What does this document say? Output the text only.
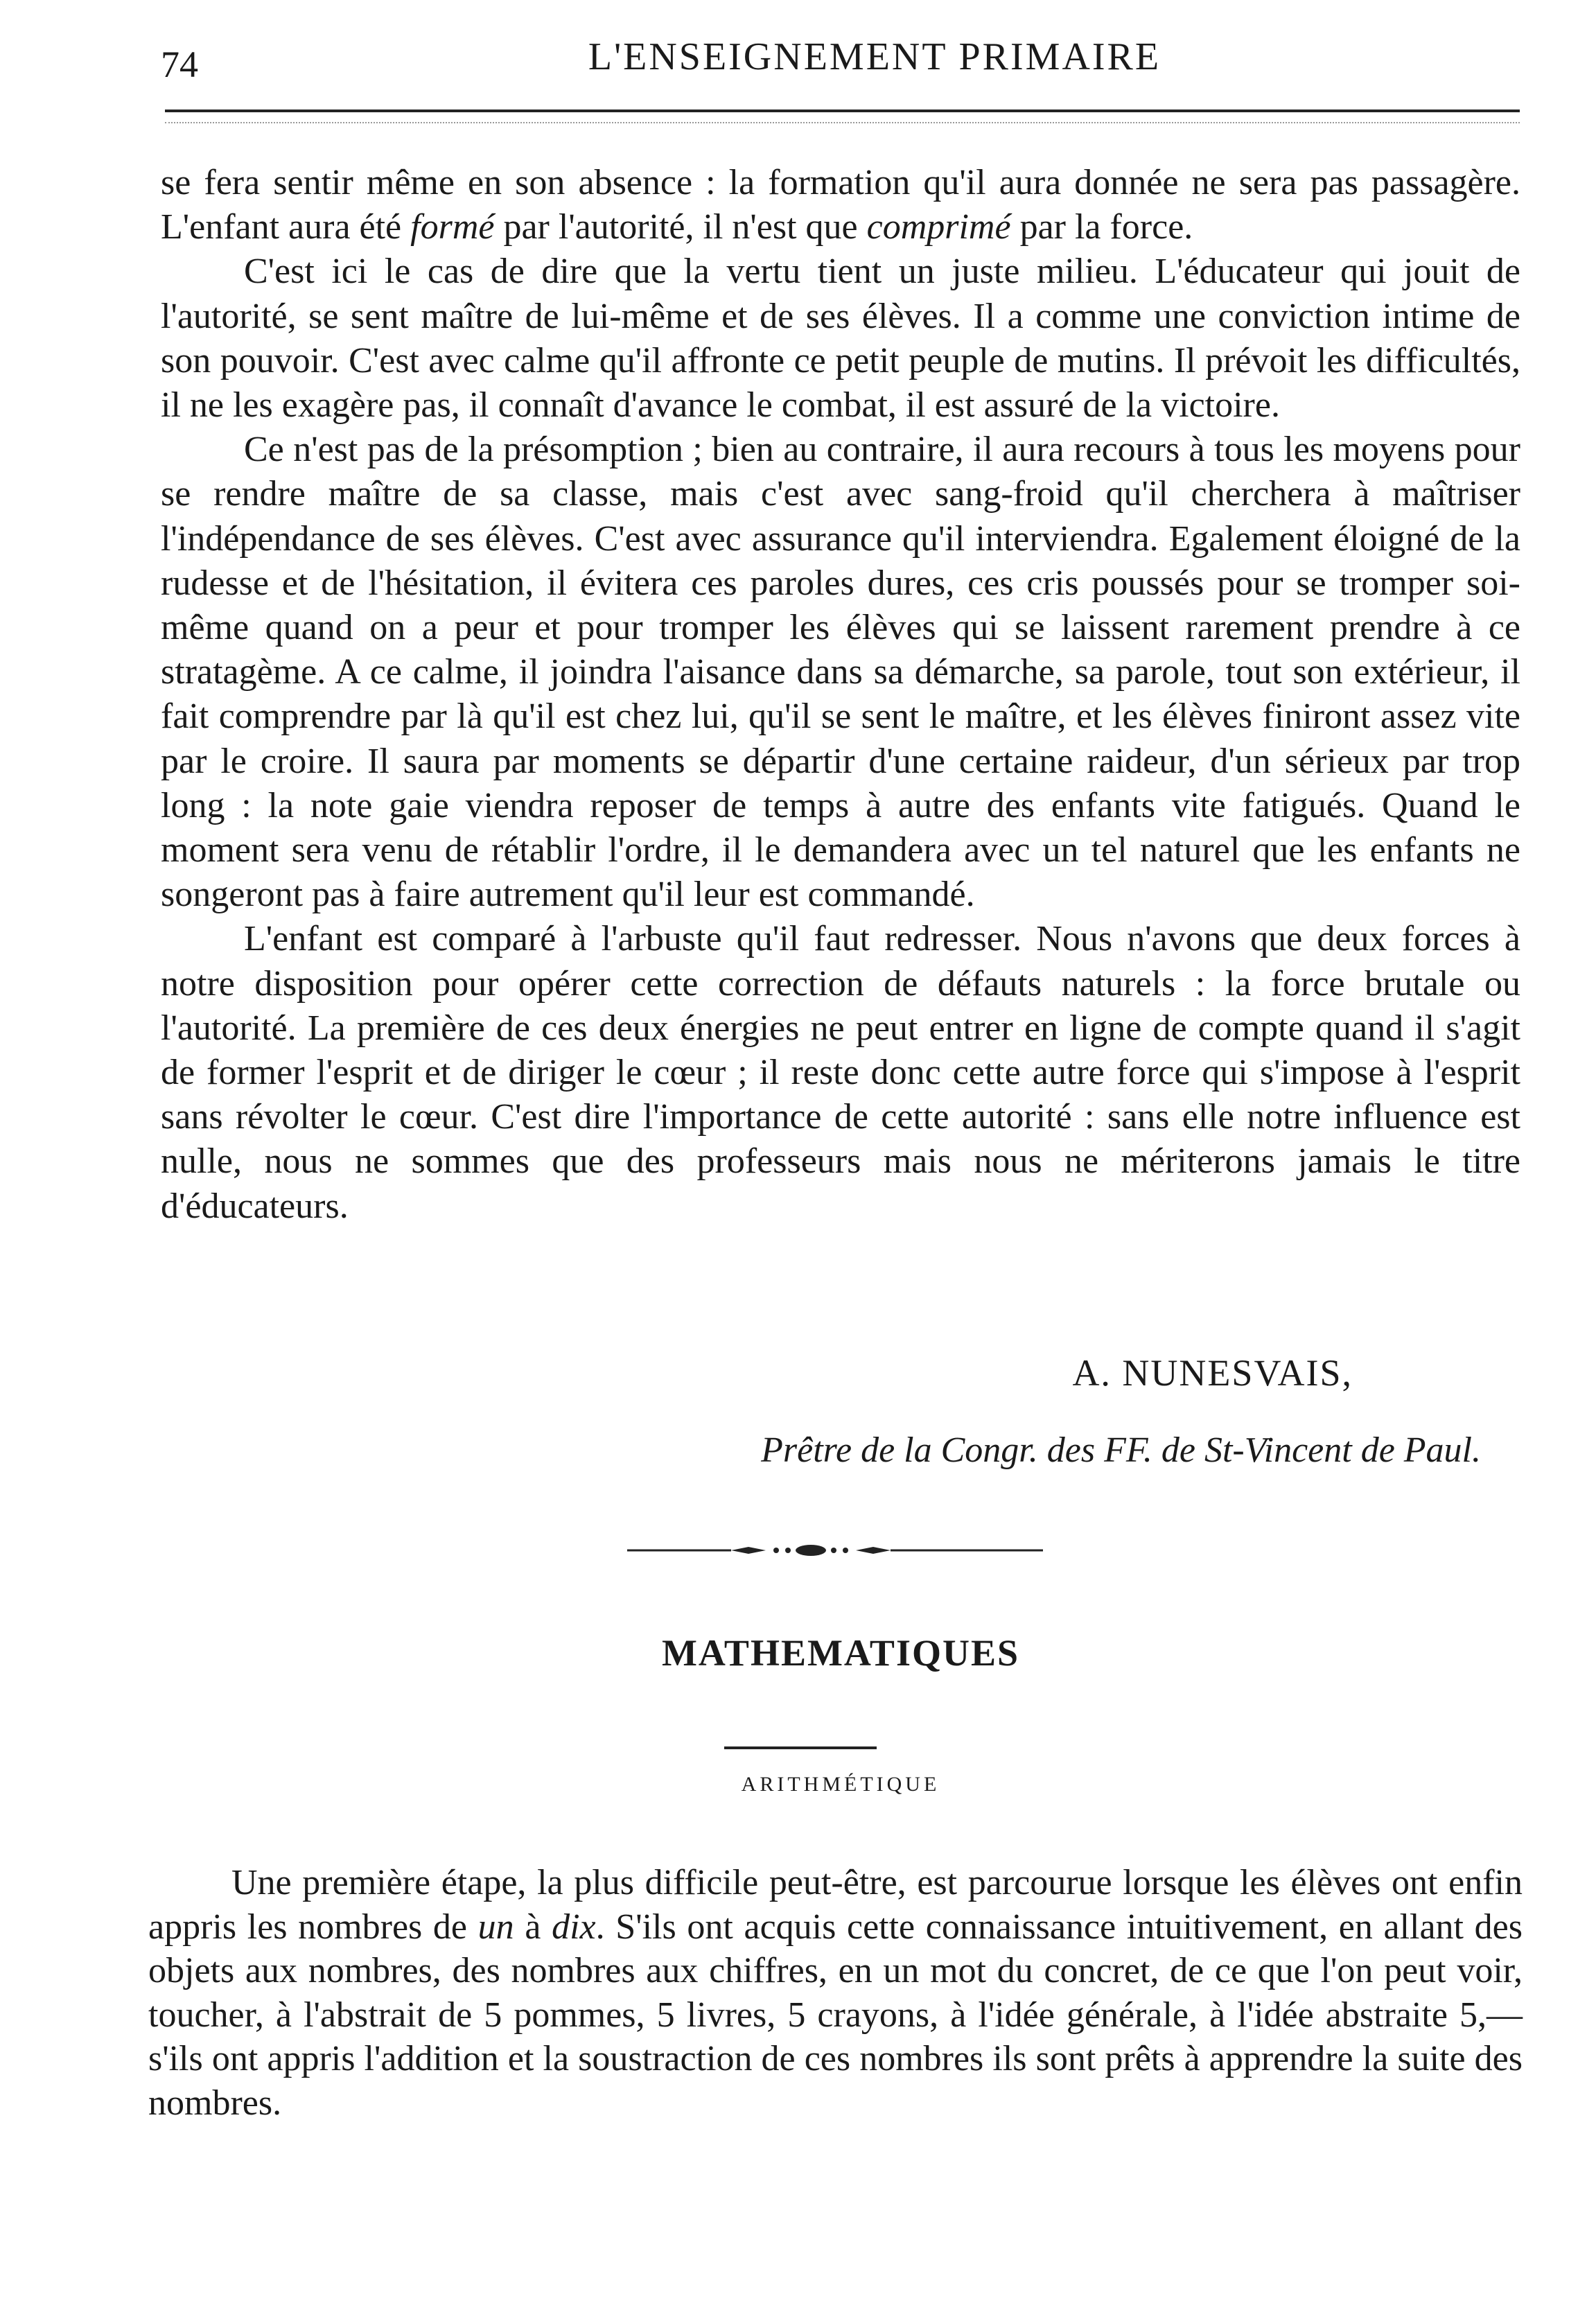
74	L'ENSEIGNEMENT PRIMAIRE

se fera sentir même en son absence : la formation qu'il aura donnée ne sera pas passagère. L'enfant aura été formé par l'autorité, il n'est que comprimé par la force.

C'est ici le cas de dire que la vertu tient un juste milieu. L'éducateur qui jouit de l'autorité, se sent maître de lui-même et de ses élèves. Il a comme une conviction intime de son pouvoir. C'est avec calme qu'il affronte ce petit peuple de mutins. Il prévoit les difficultés, il ne les exagère pas, il connaît d'avance le combat, il est assuré de la victoire.

Ce n'est pas de la présomption ; bien au contraire, il aura recours à tous les moyens pour se rendre maître de sa classe, mais c'est avec sang-froid qu'il cherchera à maîtriser l'indépendance de ses élèves. C'est avec assurance qu'il interviendra. Egalement éloigné de la rudesse et de l'hésitation, il évitera ces paroles dures, ces cris poussés pour se tromper soi-même quand on a peur et pour tromper les élèves qui se laissent rarement prendre à ce stratagème. A ce calme, il joindra l'aisance dans sa démarche, sa parole, tout son extérieur, il fait comprendre par là qu'il est chez lui, qu'il se sent le maître, et les élèves finiront assez vite par le croire. Il saura par moments se départir d'une certaine raideur, d'un sérieux par trop long : la note gaie viendra reposer de temps à autre des enfants vite fatigués. Quand le moment sera venu de rétablir l'ordre, il le demandera avec un tel naturel que les enfants ne songeront pas à faire autrement qu'il leur est commandé.

L'enfant est comparé à l'arbuste qu'il faut redresser. Nous n'avons que deux forces à notre disposition pour opérer cette correction de défauts naturels : la force brutale ou l'autorité. La première de ces deux énergies ne peut entrer en ligne de compte quand il s'agit de former l'esprit et de diriger le cœur ; il reste donc cette autre force qui s'impose à l'esprit sans révolter le cœur. C'est dire l'importance de cette autorité : sans elle notre influence est nulle, nous ne sommes que des professeurs mais nous ne mériterons jamais le titre d'éducateurs.

A. NUNESVAIS,
Prêtre de la Congr. des FF. de St-Vincent de Paul.
MATHEMATIQUES
ARITHMÉTIQUE

Une première étape, la plus difficile peut-être, est parcourue lorsque les élèves ont enfin appris les nombres de un à dix. S'ils ont acquis cette connaissance intuitivement, en allant des objets aux nombres, des nombres aux chiffres, en un mot du concret, de ce que l'on peut voir, toucher, à l'abstrait de 5 pommes, 5 livres, 5 crayons, à l'idée générale, à l'idée abstraite 5,—s'ils ont appris l'addition et la soustraction de ces nombres ils sont prêts à apprendre la suite des nombres.
